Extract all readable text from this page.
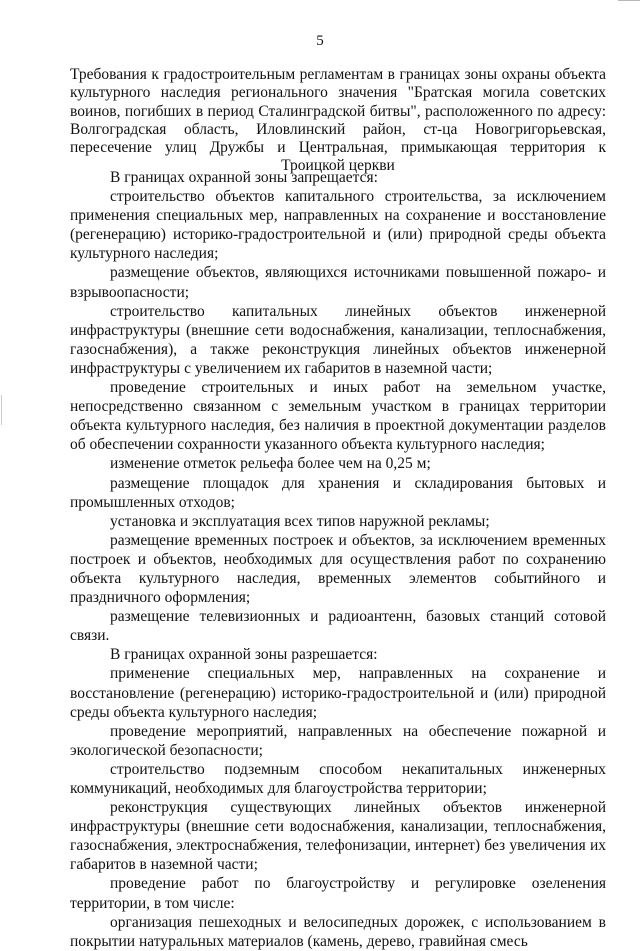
5
Требования к градостроительным регламентам в границах зоны охраны объекта культурного наследия регионального значения "Братская могила советских воинов, погибших в период Сталинградской битвы", расположенного по адресу: Волгоградская область, Иловлинский район, ст-ца Новогригорьевская, пересечение улиц Дружбы и Центральная, примыкающая территория к Троицкой церкви

В границах охранной зоны запрещается:

строительство объектов капитального строительства, за исключением применения специальных мер, направленных на сохранение и восстановление (регенерацию) историко-градостроительной и (или) природной среды объекта культурного наследия;

размещение объектов, являющихся источниками повышенной пожаро- и взрывоопасности;

строительство капитальных линейных объектов инженерной инфраструктуры (внешние сети водоснабжения, канализации, теплоснабжения, газоснабжения), а также реконструкция линейных объектов инженерной инфраструктуры с увеличением их габаритов в наземной части;

проведение строительных и иных работ на земельном участке, непосредственно связанном с земельным участком в границах территории объекта культурного наследия, без наличия в проектной документации разделов об обеспечении сохранности указанного объекта культурного наследия;

изменение отметок рельефа более чем на 0,25 м;

размещение площадок для хранения и складирования бытовых и промышленных отходов;

установка и эксплуатация всех типов наружной рекламы;

размещение временных построек и объектов, за исключением временных построек и объектов, необходимых для осуществления работ по сохранению объекта культурного наследия, временных элементов событийного и праздничного оформления;

размещение телевизионных и радиоантенн, базовых станций сотовой связи.

В границах охранной зоны разрешается:

применение специальных мер, направленных на сохранение и восстановление (регенерацию) историко-градостроительной и (или) природной среды объекта культурного наследия;

проведение мероприятий, направленных на обеспечение пожарной и экологической безопасности;

строительство подземным способом некапитальных инженерных коммуникаций, необходимых для благоустройства территории;

реконструкция существующих линейных объектов инженерной инфраструктуры (внешние сети водоснабжения, канализации, теплоснабжения, газоснабжения, электроснабжения, телефонизации, интернет) без увеличения их габаритов в наземной части;

проведение работ по благоустройству и регулировке озеленения территории, в том числе:

организация пешеходных и велосипедных дорожек, с использованием в покрытии натуральных материалов (камень, дерево, гравийная смесь
